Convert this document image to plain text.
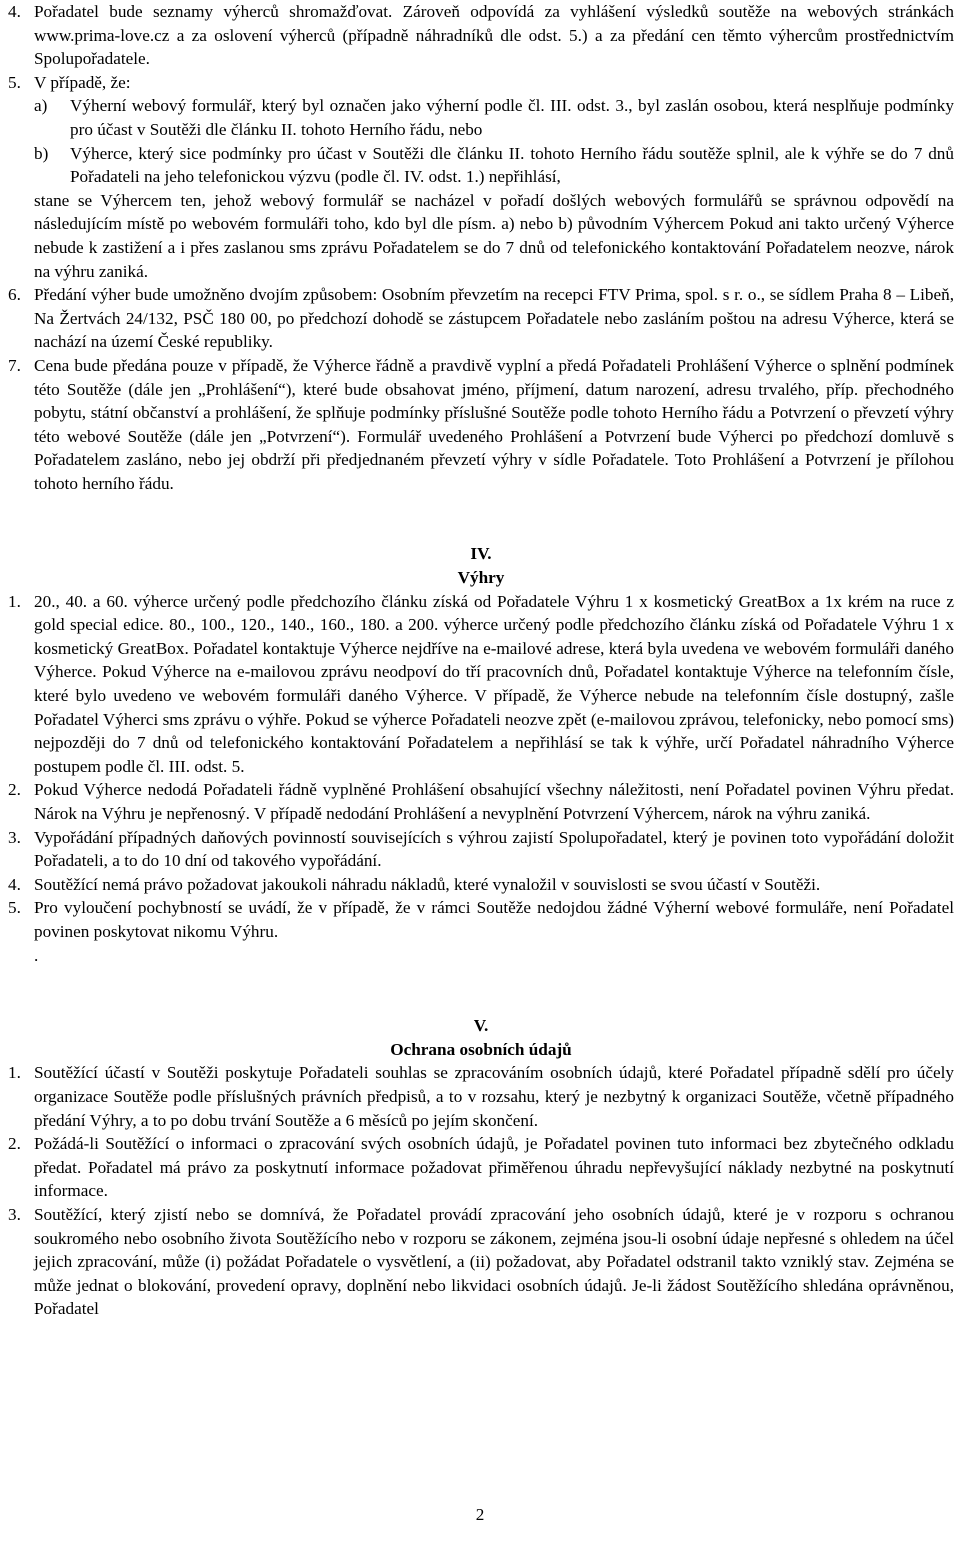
4. Pořadatel bude seznamy výherců shromažďovat. Zároveň odpovídá za vyhlášení výsledků soutěže na webových stránkách www.prima-love.cz a za oslovení výherců (případně náhradníků dle odst. 5.) a za předání cen těmto výhercům prostřednictvím Spolupořadatele.
5. V případě, že:
a) Výherní webový formulář, který byl označen jako výherní podle čl. III. odst. 3., byl zaslán osobou, která nesplňuje podmínky pro účast v Soutěži dle článku II. tohoto Herního řádu, nebo
b) Výherce, který sice podmínky pro účast v Soutěži dle článku II. tohoto Herního řádu soutěže splnil, ale k výhře se do 7 dnů Pořadateli na jeho telefonickou výzvu (podle čl. IV. odst. 1.) nepřihlásí,

stane se Výhercem ten, jehož webový formulář se nacházel v pořadí došlých webových formulářů se správnou odpovědí na následujícím místě po webovém formuláři toho, kdo byl dle písm. a) nebo b) původním Výhercem Pokud ani takto určený Výherce nebude k zastižení a i přes zaslanou sms zprávu Pořadatelem se do 7 dnů od telefonického kontaktování Pořadatelem neozve, nárok na výhru zaniká.

6. Předání výher bude umožněno dvojím způsobem: Osobním převzetím na recepci FTV Prima, spol. s r. o., se sídlem Praha 8 – Libeň, Na Žertvách 24/132, PSČ 180 00, po předchozí dohodě se zástupcem Pořadatele nebo zasláním poštou na adresu Výherce, která se nachází na území České republiky.
7. Cena bude předána pouze v případě, že Výherce řádně a pravdivě vyplní a předá Pořadateli Prohlášení Výherce o splnění podmínek této Soutěže (dále jen „Prohlášení“), které bude obsahovat jméno, příjmení, datum narození, adresu trvalého, příp. přechodného pobytu, státní občanství a prohlášení, že splňuje podmínky příslušné Soutěže podle tohoto Herního řádu a Potvrzení o převzetí výhry této webové Soutěže (dále jen „Potvrzení“). Formulář uvedeného Prohlášení a Potvrzení bude Výherci po předchozí domluvě s Pořadatelem zasláno, nebo jej obdrží při předjednaném převzetí výhry v sídle Pořadatele. Toto Prohlášení a Potvrzení je přílohou tohoto herního řádu.
IV.
Výhry
1. 20., 40. a 60. výherce určený podle předchozího článku získá od Pořadatele Výhru 1 x kosmetický GreatBox a 1x krém na ruce z gold special edice. 80., 100., 120., 140., 160., 180. a 200. výherce určený podle předchozího článku získá od Pořadatele Výhru 1 x kosmetický GreatBox. Pořadatel kontaktuje Výherce nejdříve na e-mailové adrese, která byla uvedena ve webovém formuláři daného Výherce. Pokud Výherce na e-mailovou zprávu neodpoví do tří pracovních dnů, Pořadatel kontaktuje Výherce na telefonním čísle, které bylo uvedeno ve webovém formuláři daného Výherce. V případě, že Výherce nebude na telefonním čísle dostupný, zašle Pořadatel Výherci sms zprávu o výhře. Pokud se výherce Pořadateli neozve zpět (e-mailovou zprávou, telefonicky, nebo pomocí sms) nejpozději do 7 dnů od telefonického kontaktování Pořadatelem a nepřihlásí se tak k výhře, určí Pořadatel náhradního Výherce postupem podle čl. III. odst. 5.
2. Pokud Výherce nedodá Pořadateli řádně vyplněné Prohlášení obsahující všechny náležitosti, není Pořadatel povinen Výhru předat. Nárok na Výhru je nepřenosný. V případě nedodání Prohlášení a nevyplnění Potvrzení Výhercem, nárok na výhru zaniká.
3. Vypořádání případných daňových povinností souvisejících s výhrou zajistí Spolupořadatel, který je povinen toto vypořádání doložit Pořadateli, a to do 10 dní od takového vypořádání.
4. Soutěžící nemá právo požadovat jakoukoli náhradu nákladů, které vynaložil v souvislosti se svou účastí v Soutěži.
5. Pro vyloučení pochybností se uvádí, že v případě, že v rámci Soutěže nedojdou žádné Výherní webové formuláře, není Pořadatel povinen poskytovat nikomu Výhru.

.

V.
Ochrana osobních údajů
1. Soutěžící účastí v Soutěži poskytuje Pořadateli souhlas se zpracováním osobních údajů, které Pořadatel případně sdělí pro účely organizace Soutěže podle příslušných právních předpisů, a to v rozsahu, který je nezbytný k organizaci Soutěže, včetně případného předání Výhry, a to po dobu trvání Soutěže a 6 měsíců po jejím skončení.
2. Požádá-li Soutěžící o informaci o zpracování svých osobních údajů, je Pořadatel povinen tuto informaci bez zbytečného odkladu předat. Pořadatel má právo za poskytnutí informace požadovat přiměřenou úhradu nepřevyšující náklady nezbytné na poskytnutí informace.
3. Soutěžící, který zjistí nebo se domnívá, že Pořadatel provádí zpracování jeho osobních údajů, které je v rozporu s ochranou soukromého nebo osobního života Soutěžícího nebo v rozporu se zákonem, zejména jsou-li osobní údaje nepřesné s ohledem na účel jejich zpracování, může (i) požádat Pořadatele o vysvětlení, a (ii) požadovat, aby Pořadatel odstranil takto vzniklý stav. Zejména se může jednat o blokování, provedení opravy, doplnění nebo likvidaci osobních údajů. Je-li žádost Soutěžícího shledána oprávněnou, Pořadatel
2
